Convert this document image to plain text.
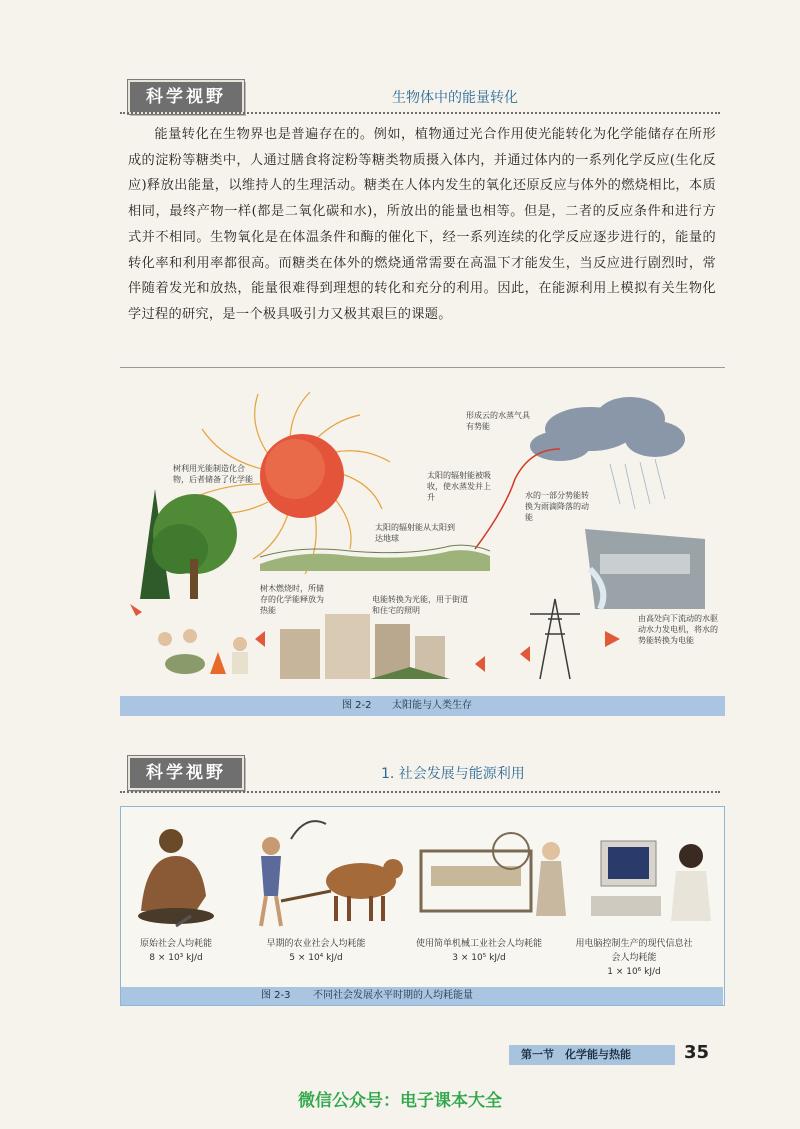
科学视野	生物体中的能量转化
能量转化在生物界也是普遍存在的。例如，植物通过光合作用使光能转化为化学能储存在所形成的淀粉等糖类中，人通过膳食将淀粉等糖类物质摄入体内，并通过体内的一系列化学反应(生化反应)释放出能量，以维持人的生理活动。糖类在人体内发生的氧化还原反应与体外的燃烧相比，本质相同，最终产物一样(都是二氧化碳和水)，所放出的能量也相等。但是，二者的反应条件和进行方式并不相同。生物氧化是在体温条件和酶的催化下，经一系列连续的化学反应逐步进行的，能量的转化率和利用率都很高。而糖类在体外的燃烧通常需要在高温下才能发生，当反应进行剧烈时，常伴随着发光和放热，能量很难得到理想的转化和充分的利用。因此，在能源利用上模拟有关生物化学过程的研究，是一个极具吸引力又极其艰巨的课题。
形成云的水蒸气具有势能
太阳的辐射能被吸收，使水蒸发并上升
树利用光能制造化合物，后者储备了化学能
太阳的辐射能从太阳到达地球
水的一部分势能转换为雨滴降落的动能
树木燃烧时，所储存的化学能释放为热能
电能转换为光能，用于街道和住宅的照明
由高处向下流动的水驱动水力发电机，将水的势能转换为电能
图 2-2 太阳能与人类生存
科学视野	1. 社会发展与能源利用
原始社会人均耗能
8 × 10³ kJ/d
早期的农业社会人均耗能
5 × 10⁴ kJ/d
使用简单机械工业社会人均耗能
3 × 10⁵ kJ/d
用电脑控制生产的现代信息社会人均耗能
1 × 10⁶ kJ/d
图 2-3 不同社会发展水平时期的人均耗能量
第一节　化学能与热能	35
微信公众号：电子课本大全
